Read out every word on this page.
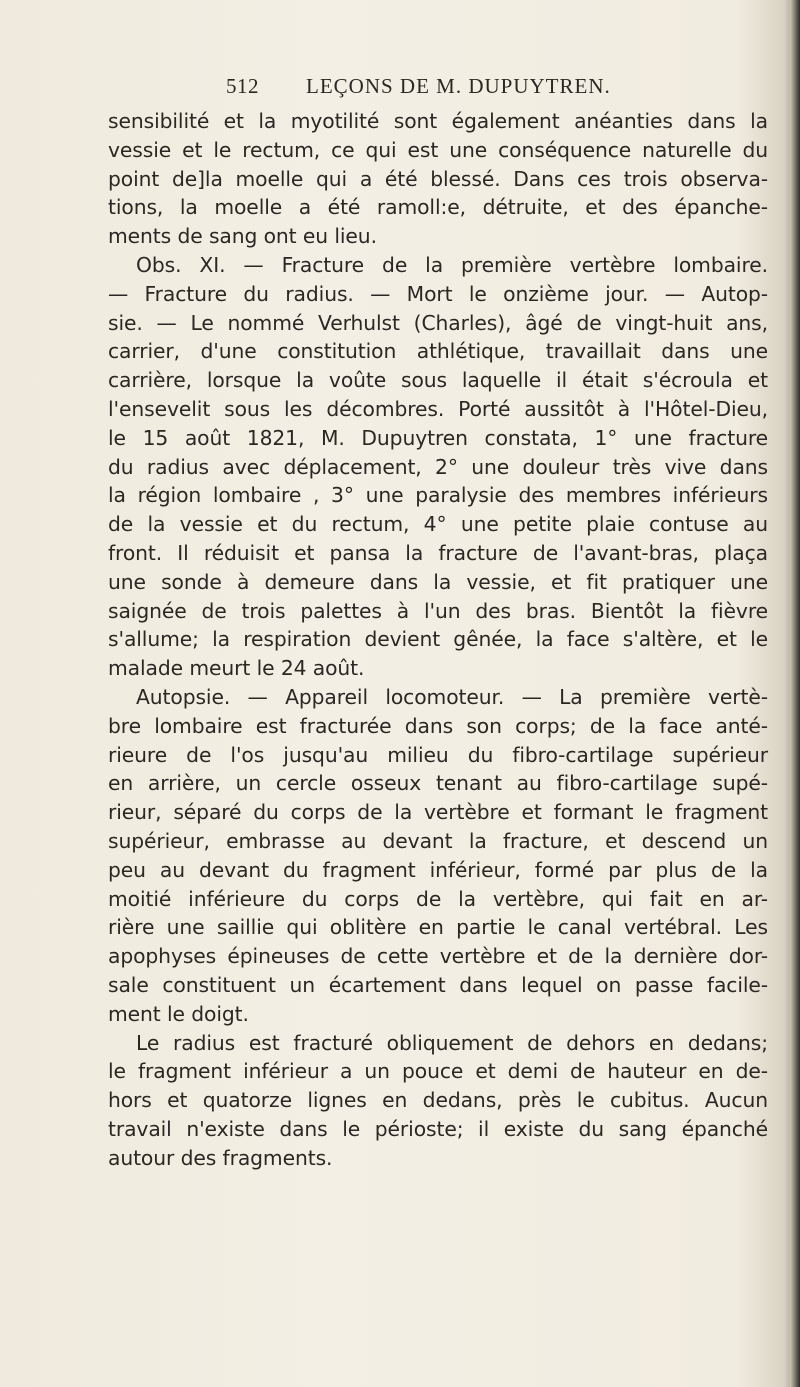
512 LEÇONS DE M. DUPUYTREN.
sensibilité et la myotilité sont également anéanties dans la
vessie et le rectum, ce qui est une conséquence naturelle du
point de]la moelle qui a été blessé. Dans ces trois observa-
tions, la moelle a été ramoll:e, détruite, et des épanche-
ments de sang ont eu lieu.
Obs. XI. — Fracture de la première vertèbre lombaire.
— Fracture du radius. — Mort le onzième jour. — Autop-
sie. — Le nommé Verhulst (Charles), âgé de vingt-huit ans,
carrier, d'une constitution athlétique, travaillait dans une
carrière, lorsque la voûte sous laquelle il était s'écroula et
l'ensevelit sous les décombres. Porté aussitôt à l'Hôtel-Dieu,
le 15 août 1821, M. Dupuytren constata, 1° une fracture
du radius avec déplacement, 2° une douleur très vive dans
la région lombaire , 3° une paralysie des membres inférieurs
de la vessie et du rectum, 4° une petite plaie contuse au
front. Il réduisit et pansa la fracture de l'avant-bras, plaça
une sonde à demeure dans la vessie, et fit pratiquer une
saignée de trois palettes à l'un des bras. Bientôt la fièvre
s'allume; la respiration devient gênée, la face s'altère, et le
malade meurt le 24 août.
Autopsie. — Appareil locomoteur. — La première vertè-
bre lombaire est fracturée dans son corps; de la face anté-
rieure de l'os jusqu'au milieu du fibro-cartilage supérieur
en arrière, un cercle osseux tenant au fibro-cartilage supé-
rieur, séparé du corps de la vertèbre et formant le fragment
supérieur, embrasse au devant la fracture, et descend un
peu au devant du fragment inférieur, formé par plus de la
moitié inférieure du corps de la vertèbre, qui fait en ar-
rière une saillie qui oblitère en partie le canal vertébral. Les
apophyses épineuses de cette vertèbre et de la dernière dor-
sale constituent un écartement dans lequel on passe facile-
ment le doigt.
Le radius est fracturé obliquement de dehors en dedans;
le fragment inférieur a un pouce et demi de hauteur en de-
hors et quatorze lignes en dedans, près le cubitus. Aucun
travail n'existe dans le périoste; il existe du sang épanché
autour des fragments.
